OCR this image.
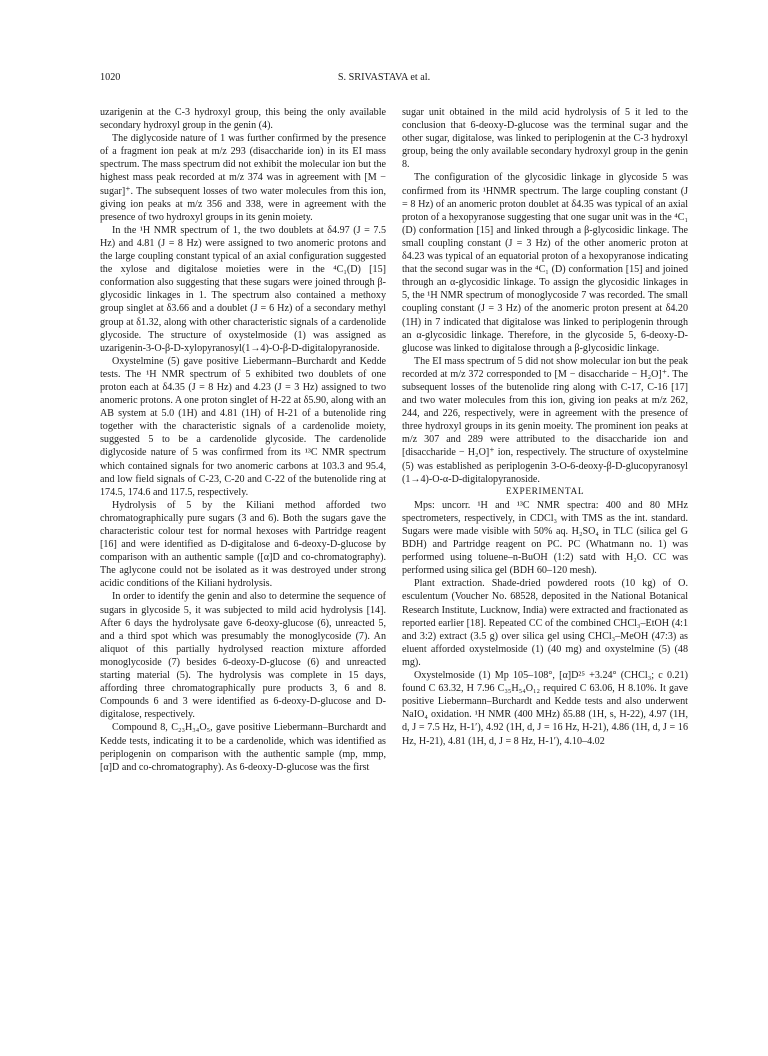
1020	S. SRIVASTAVA et al.

uzarigenin at the C-3 hydroxyl group, this being the only available secondary hydroxyl group in the genin (4).

The diglycoside nature of 1 was further confirmed by the presence of a fragment ion peak at m/z 293 (disaccharide ion) in its EI mass spectrum. The mass spectrum did not exhibit the molecular ion but the highest mass peak recorded at m/z 374 was in agreement with [M − sugar]⁺. The subsequent losses of two water molecules from this ion, giving ion peaks at m/z 356 and 338, were in agreement with the presence of two hydroxyl groups in its genin moiety.

In the ¹H NMR spectrum of 1, the two doublets at δ4.97 (J = 7.5 Hz) and 4.81 (J = 8 Hz) were assigned to two anomeric protons and the large coupling constant typical of an axial configuration suggested the xylose and digitalose moieties were in the ⁴C₁(D) [15] conformation also suggesting that these sugars were joined through β-glycosidic linkages in 1. The spectrum also contained a methoxy group singlet at δ3.66 and a doublet (J = 6 Hz) of a secondary methyl group at δ1.32, along with other characteristic signals of a cardenolide glycoside. The structure of oxystelmoside (1) was assigned as uzarigenin-3-O-β-D-xylopyranosyl(1→4)-O-β-D-digitalopyranoside.

Oxystelmine (5) gave positive Liebermann–Burchardt and Kedde tests. The ¹H NMR spectrum of 5 exhibited two doublets of one proton each at δ4.35 (J = 8 Hz) and 4.23 (J = 3 Hz) assigned to two anomeric protons. A one proton singlet of H-22 at δ5.90, along with an AB system at 5.0 (1H) and 4.81 (1H) of H-21 of a butenolide ring together with the characteristic signals of a cardenolide moiety, suggested 5 to be a cardenolide glycoside. The cardenolide diglycoside nature of 5 was confirmed from its ¹³C NMR spectrum which contained signals for two anomeric carbons at 103.3 and 95.4, and low field signals of C-23, C-20 and C-22 of the butenolide ring at 174.5, 174.6 and 117.5, respectively.

Hydrolysis of 5 by the Kiliani method afforded two chromatographically pure sugars (3 and 6). Both the sugars gave the characteristic colour test for normal hexoses with Partridge reagent [16] and were identified as D-digitalose and 6-deoxy-D-glucose by comparison with an authentic sample ([α]D and co-chromatography). The aglycone could not be isolated as it was destroyed under strong acidic conditions of the Kiliani hydrolysis.

In order to identify the genin and also to determine the sequence of sugars in glycoside 5, it was subjected to mild acid hydrolysis [14]. After 6 days the hydrolysate gave 6-deoxy-glucose (6), unreacted 5, and a third spot which was presumably the monoglycoside (7). An aliquot of this partially hydrolysed reaction mixture afforded monoglycoside (7) besides 6-deoxy-D-glucose (6) and unreacted starting material (5). The hydrolysis was complete in 15 days, affording three chromatographically pure products 3, 6 and 8. Compounds 6 and 3 were identified as 6-deoxy-D-glucose and D-digitalose, respectively.

Compound 8, C₂₃H₃₄O₅, gave positive Liebermann–Burchardt and Kedde tests, indicating it to be a cardenolide, which was identified as periplogenin on comparison with the authentic sample (mp, mmp, [α]D and co-chromatography). As 6-deoxy-D-glucose was the first

sugar unit obtained in the mild acid hydrolysis of 5 it led to the conclusion that 6-deoxy-D-glucose was the terminal sugar and the other sugar, digitalose, was linked to periplogenin at the C-3 hydroxyl group, being the only available secondary hydroxyl group in the genin 8.

The configuration of the glycosidic linkage in glycoside 5 was confirmed from its ¹HNMR spectrum. The large coupling constant (J = 8 Hz) of an anomeric proton doublet at δ4.35 was typical of an axial proton of a hexopyranose suggesting that one sugar unit was in the ⁴C₁ (D) conformation [15] and linked through a β-glycosidic linkage. The small coupling constant (J = 3 Hz) of the other anomeric proton at δ4.23 was typical of an equatorial proton of a hexopyranose indicating that the second sugar was in the ⁴C₁ (D) conformation [15] and joined through an α-glycosidic linkage. To assign the glycosidic linkages in 5, the ¹H NMR spectrum of monoglycoside 7 was recorded. The small coupling constant (J = 3 Hz) of the anomeric proton present at δ4.20 (1H) in 7 indicated that digitalose was linked to periplogenin through an α-glycosidic linkage. Therefore, in the glycoside 5, 6-deoxy-D-glucose was linked to digitalose through a β-glycosidic linkage.

The EI mass spectrum of 5 did not show molecular ion but the peak recorded at m/z 372 corresponded to [M − disaccharide − H₂O]⁺. The subsequent losses of the butenolide ring along with C-17, C-16 [17] and two water molecules from this ion, giving ion peaks at m/z 262, 244, and 226, respectively, were in agreement with the presence of three hydroxyl groups in its genin moeity. The prominent ion peaks at m/z 307 and 289 were attributed to the disaccharide ion and [disaccharide − H₂O]⁺ ion, respectively. The structure of oxystelmine (5) was established as periplogenin 3-O-6-deoxy-β-D-glucopyranosyl (1→4)-O-α-D-digitalopyranoside.

EXPERIMENTAL

Mps: uncorr. ¹H and ¹³C NMR spectra: 400 and 80 MHz spectrometers, respectively, in CDCl₃ with TMS as the int. standard. Sugars were made visible with 50% aq. H₂SO₄ in TLC (silica gel G BDH) and Partridge reagent on PC. PC (Whatmann no. 1) was performed using toluene–n-BuOH (1:2) satd with H₂O. CC was performed using silica gel (BDH 60–120 mesh).

Plant extraction. Shade-dried powdered roots (10 kg) of O. esculentum (Voucher No. 68528, deposited in the National Botanical Research Institute, Lucknow, India) were extracted and fractionated as reported earlier [18]. Repeated CC of the combined CHCl₃–EtOH (4:1 and 3:2) extract (3.5 g) over silica gel using CHCl₃–MeOH (47:3) as eluent afforded oxystelmoside (1) (40 mg) and oxystelmine (5) (48 mg).

Oxystelmoside (1) Mp 105–108°, [α]D²⁵ +3.24° (CHCl₃; c 0.21) found C 63.32, H 7.96 C₃₅H₅₄O₁₂ required C 63.06, H 8.10%. It gave positive Liebermann–Burchardt and Kedde tests and also underwent NaIO₄ oxidation. ¹H NMR (400 MHz) δ5.88 (1H, s, H-22), 4.97 (1H, d, J = 7.5 Hz, H-1′), 4.92 (1H, d, J = 16 Hz, H-21), 4.86 (1H, d, J = 16 Hz, H-21), 4.81 (1H, d, J = 8 Hz, H-1′), 4.10–4.02
